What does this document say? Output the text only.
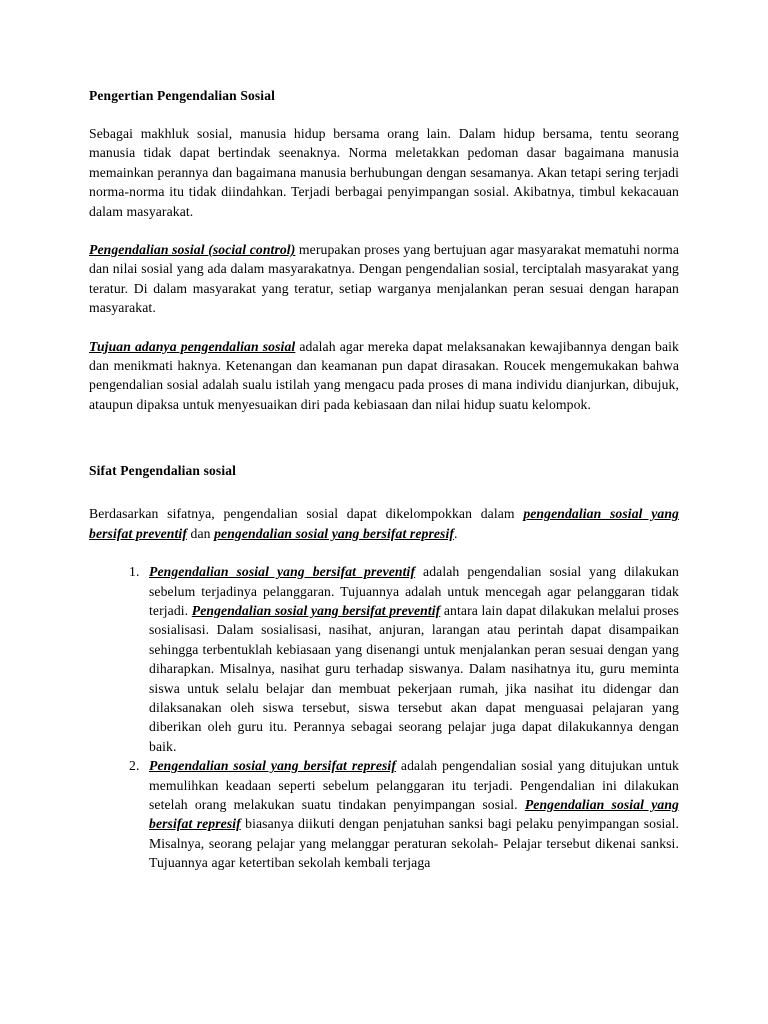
Pengertian Pengendalian Sosial

Sebagai makhluk sosial, manusia hidup bersama orang lain. Dalam hidup bersama, tentu seorang manusia tidak dapat bertindak seenaknya. Norma meletakkan pedoman dasar bagaimana manusia memainkan perannya dan bagaimana manusia berhubungan dengan sesamanya. Akan tetapi sering terjadi norma-norma itu tidak diindahkan. Terjadi berbagai penyimpangan sosial. Akibatnya, timbul kekacauan dalam masyarakat.

Pengendalian sosial (social control) merupakan proses yang bertujuan agar masyarakat mematuhi norma dan nilai sosial yang ada dalam masyarakatnya. Dengan pengendalian sosial, terciptalah masyarakat yang teratur. Di dalam masyarakat yang teratur, setiap warganya menjalankan peran sesuai dengan harapan masyarakat.

Tujuan adanya pengendalian sosial adalah agar mereka dapat melaksanakan kewajibannya dengan baik dan menikmati haknya. Ketenangan dan keamanan pun dapat dirasakan. Roucek mengemukakan bahwa pengendalian sosial adalah sualu istilah yang mengacu pada proses di mana individu dianjurkan, dibujuk, ataupun dipaksa untuk menyesuaikan diri pada kebiasaan dan nilai hidup suatu kelompok.

Sifat Pengendalian sosial

Berdasarkan sifatnya, pengendalian sosial dapat dikelompokkan dalam pengendalian sosial yang bersifat preventif dan pengendalian sosial yang bersifat represif.

1. Pengendalian sosial yang bersifat preventif adalah pengendalian sosial yang dilakukan sebelum terjadinya pelanggaran. Tujuannya adalah untuk mencegah agar pelanggaran tidak terjadi. Pengendalian sosial yang bersifat preventif antara lain dapat dilakukan melalui proses sosialisasi. Dalam sosialisasi, nasihat, anjuran, larangan atau perintah dapat disampaikan sehingga terbentuklah kebiasaan yang disenangi untuk menjalankan peran sesuai dengan yang diharapkan. Misalnya, nasihat guru terhadap siswanya. Dalam nasihatnya itu, guru meminta siswa untuk selalu belajar dan membuat pekerjaan rumah, jika nasihat itu didengar dan dilaksanakan oleh siswa tersebut, siswa tersebut akan dapat menguasai pelajaran yang diberikan oleh guru itu. Perannya sebagai seorang pelajar juga dapat dilakukannya dengan baik.
2. Pengendalian sosial yang bersifat represif adalah pengendalian sosial yang ditujukan untuk memulihkan keadaan seperti sebelum pelanggaran itu terjadi. Pengendalian ini dilakukan setelah orang melakukan suatu tindakan penyimpangan sosial. Pengendalian sosial yang bersifat represif biasanya diikuti dengan penjatuhan sanksi bagi pelaku penyimpangan sosial. Misalnya, seorang pelajar yang melanggar peraturan sekolah- Pelajar tersebut dikenai sanksi. Tujuannya agar ketertiban sekolah kembali terjaga
